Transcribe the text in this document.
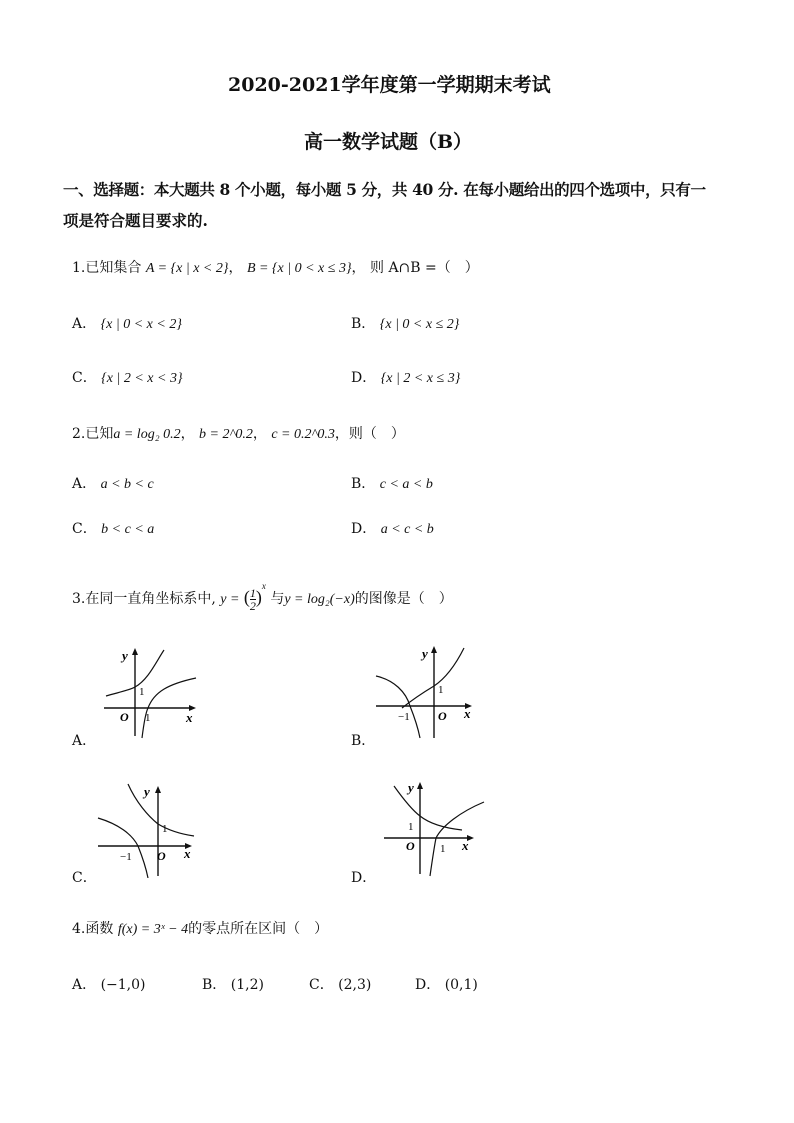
2020-2021学年度第一学期期末考试
高一数学试题（B）
一、选择题：本大题共 8 个小题，每小题 5 分，共 40 分. 在每小题给出的四个选项中，只有一
项是符合题目要求的.
1.已知集合 A = {x | x < 2}， B = {x | 0 < x ≤ 3}， 则 A∩B =（　）
A． {x | 0 < x < 2}	B． {x | 0 < x ≤ 2}
C． {x | 2 < x < 3}	D． {x | 2 < x ≤ 3}
2.已知a = log₂ 0.2， b = 2^0.2， c = 0.2^0.3，则（　）
A． a < b < c	B． c < a < b
C． b < c < a	D． a < c < b
3.在同一直角坐标系中, y = ( $\frac{1}{2} )^x$ 与y = log₂(−x)的图像是（　）
A．
y
x
O
1
1
B．
y
x
O
1
−1
C．
y
x
O
1
−1
D．
y
x
O
1
1
4.函数 f(x) = 3ˣ − 4的零点所在区间（　）
A． (−1,0)	B． (1,2)	C． (2,3)	D． (0,1)
